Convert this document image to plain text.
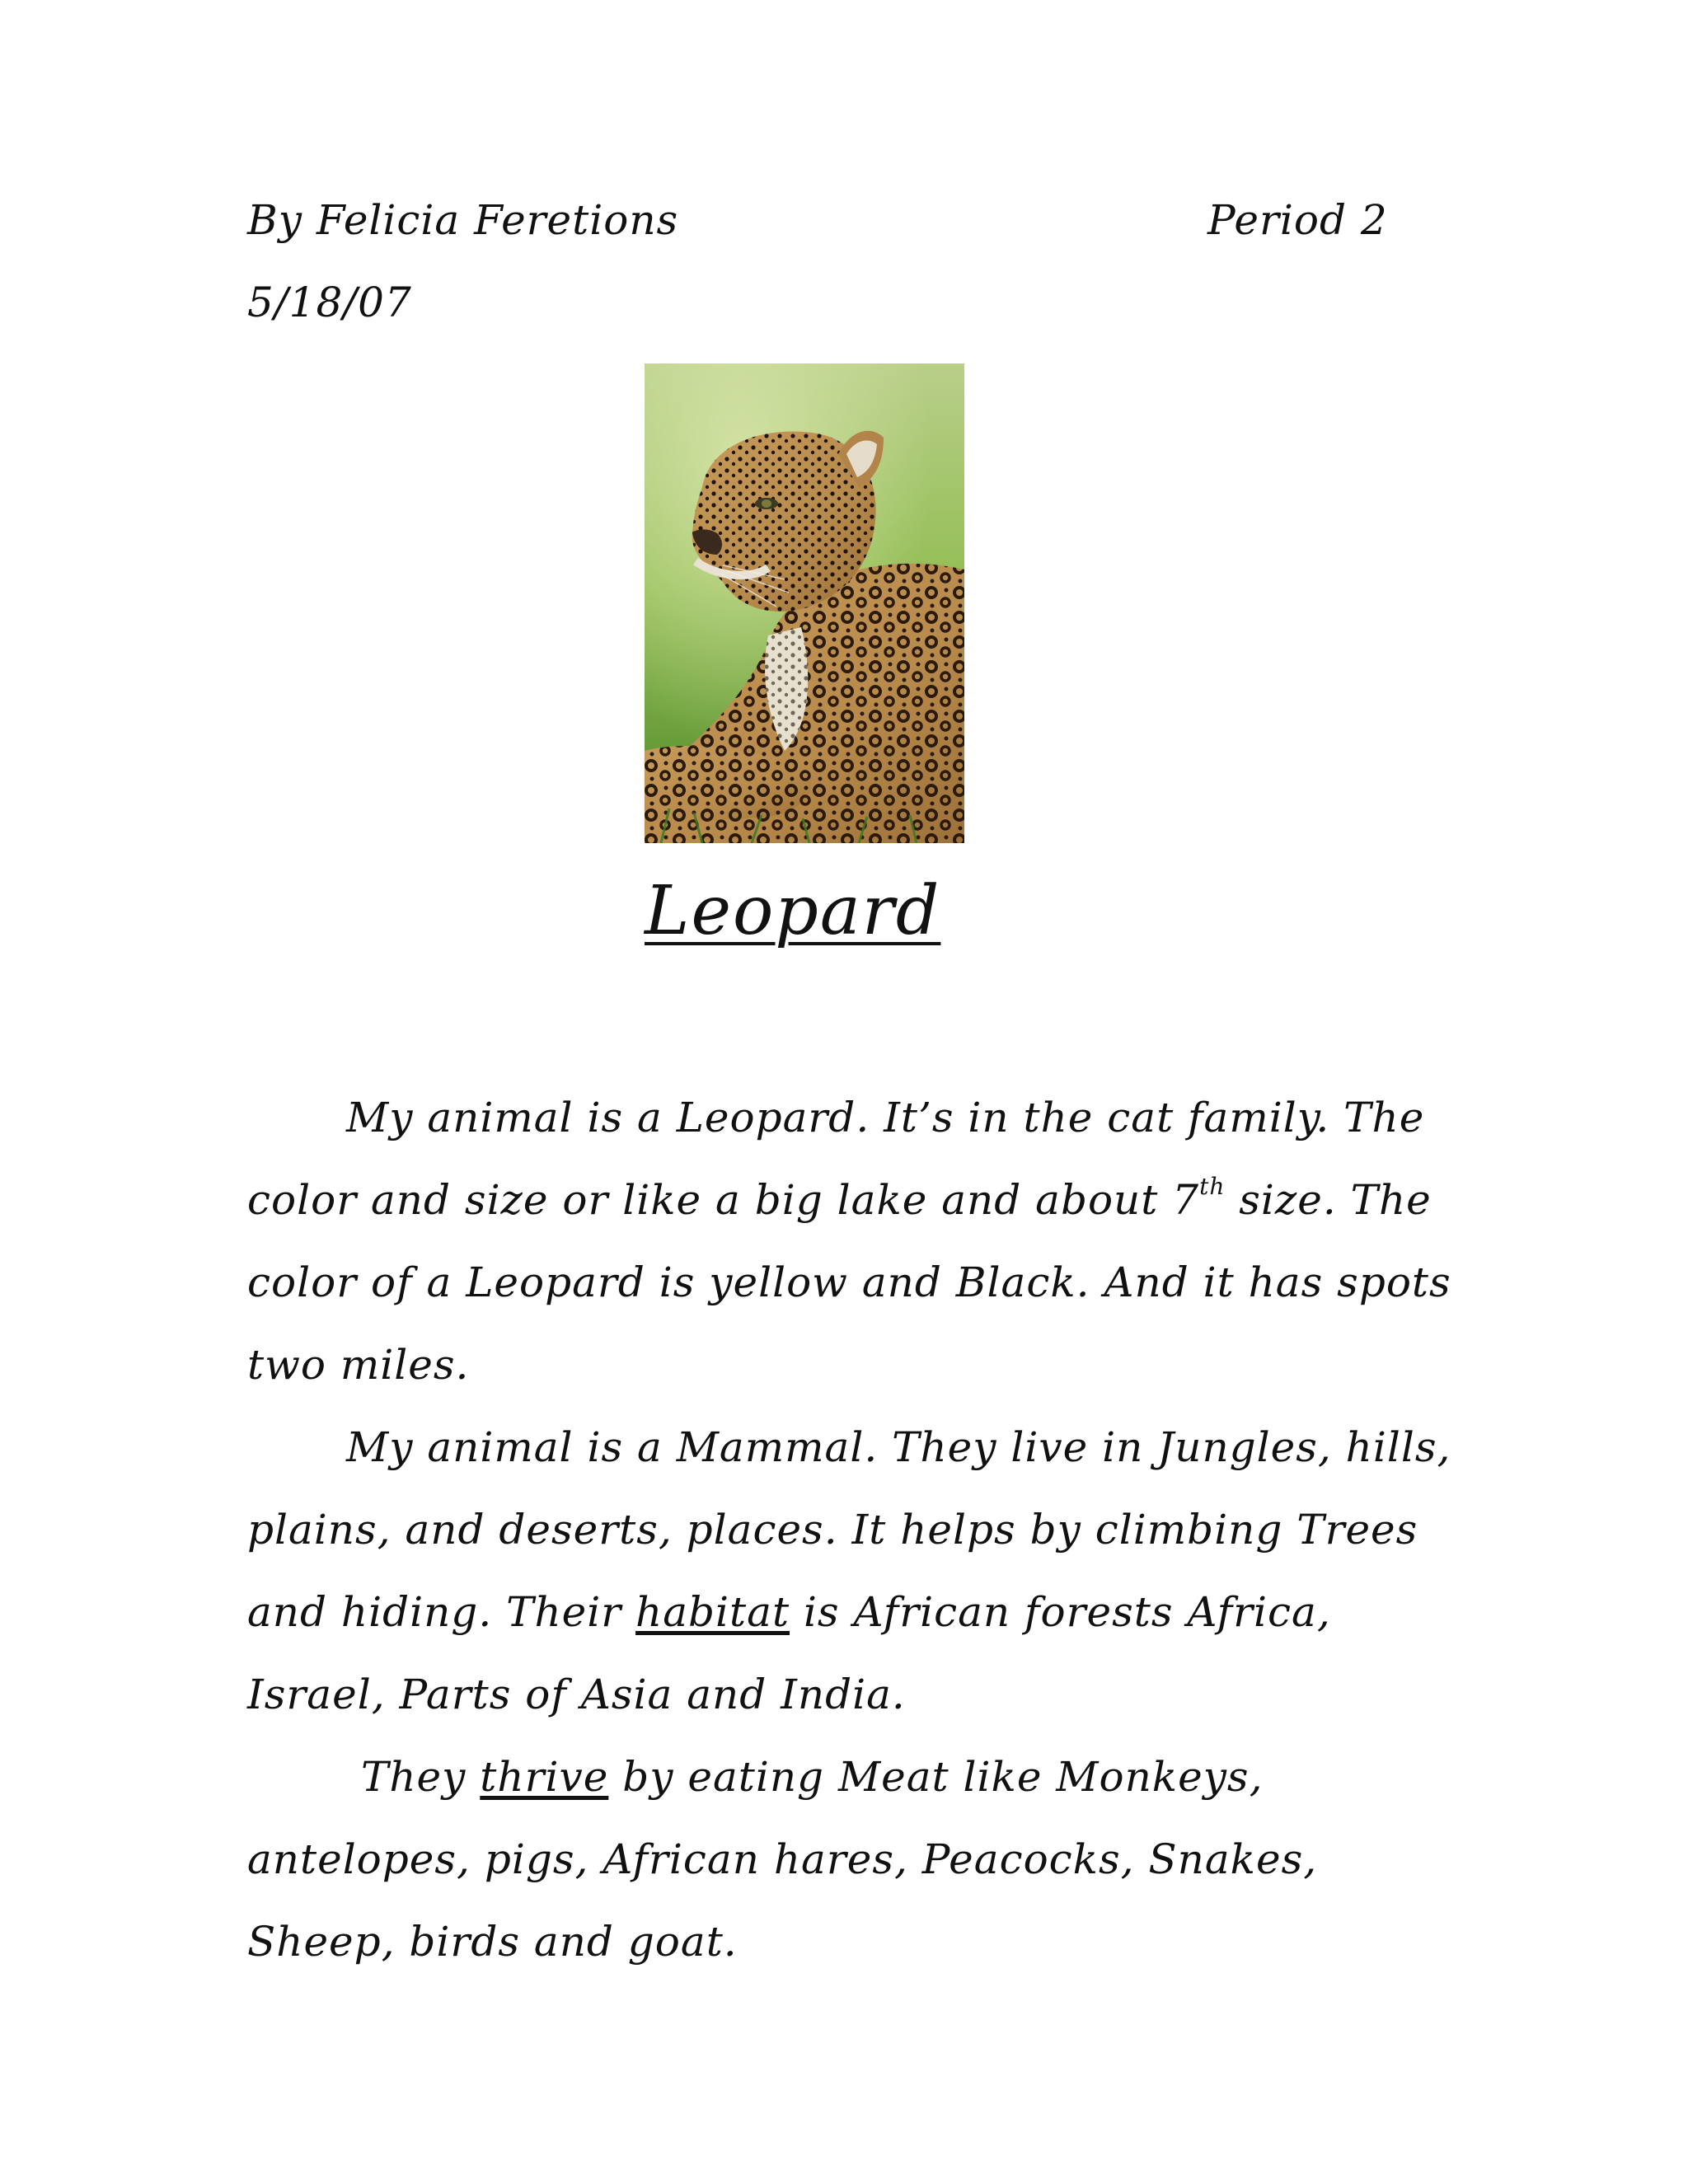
By Felicia Feretions	Period 2
5/18/07
Leopard

My animal is a Leopard. It’s in the cat family. The color and size or like a big lake and about 7th size. The color of a Leopard is yellow and Black. And it has spots two miles.

My animal is a Mammal. They live in Jungles, hills, plains, and deserts, places. It helps by climbing Trees and hiding. Their habitat is African forests Africa, Israel, Parts of Asia and India.

They thrive by eating Meat like Monkeys, antelopes, pigs, African hares, Peacocks, Snakes, Sheep, birds and goat.
